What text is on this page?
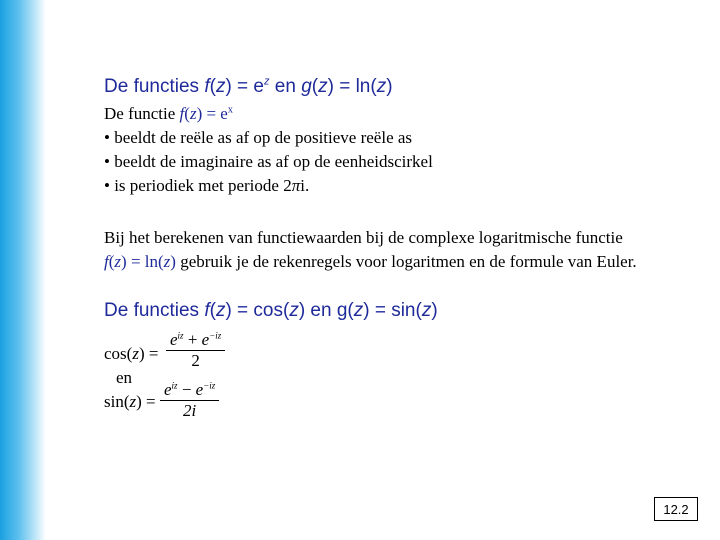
De functies $f(z) = e^z$ en g(z) = ln(z)
De functie $f(z) = e^x$
• beeldt de reële as af op de positieve reële as
• beeldt de imaginaire as af op de eenheidscirkel
• is periodiek met periode 2πi.
Bij het berekenen van functiewaarden bij de complexe logaritmische functie
f(z) = ln(z) gebruik je de rekenregels voor logaritmen en de formule van Euler.
De functies f(z) = cos(z) en g(z) = sin(z)
cos(z) =
en
sin(z) =
$\frac{e^{iz} + e^{-iz}}{2}$
$\frac{e^{iz} - e^{-iz}}{2i}$
12.2
